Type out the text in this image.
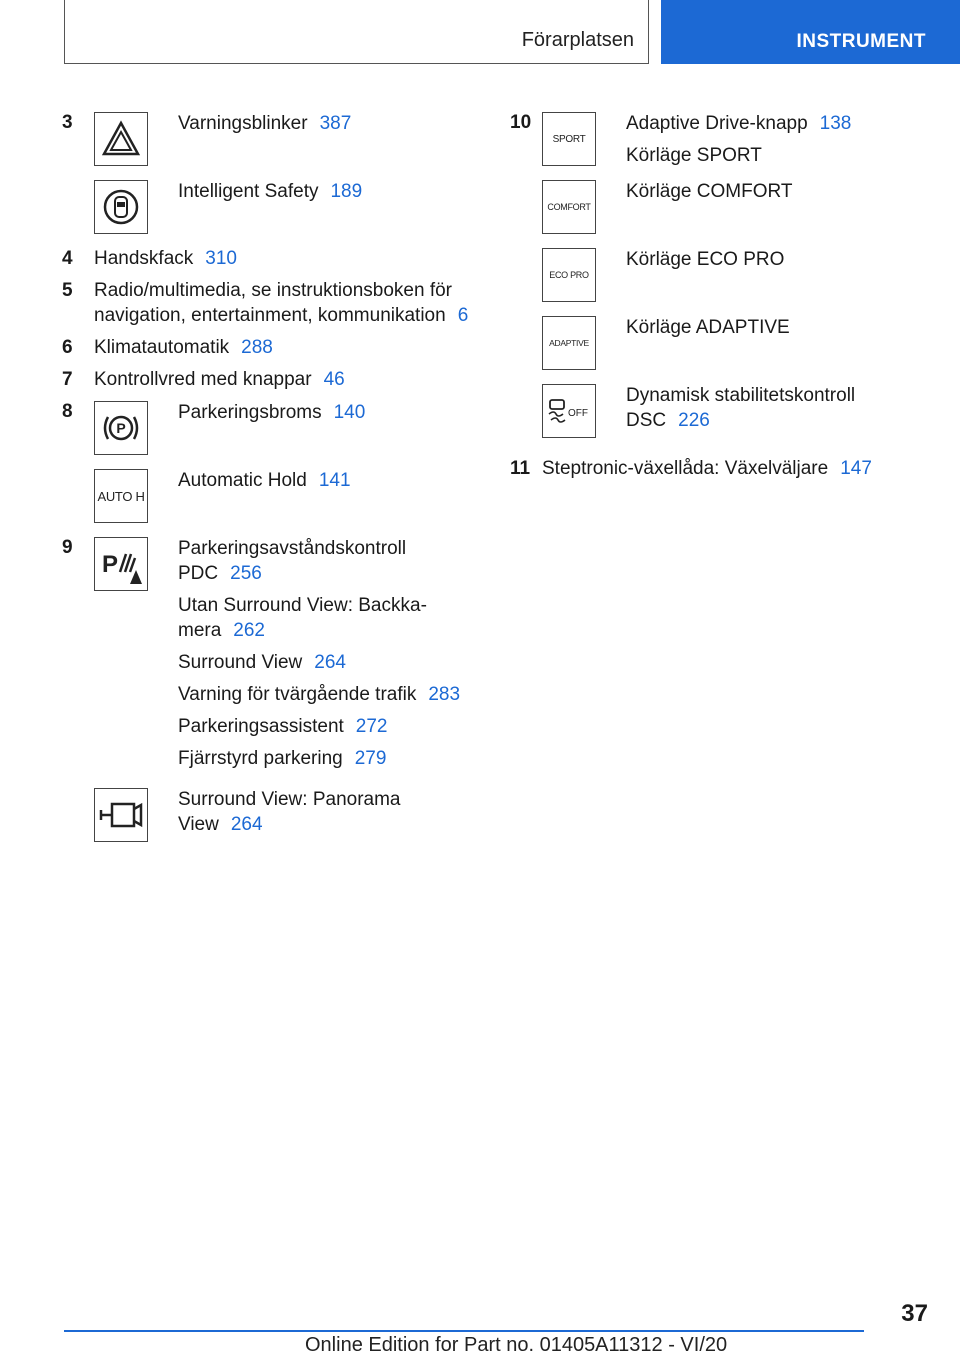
Förarplatsen	INSTRUMENT
3	Varningsblinker 387
Intelligent Safety 189
4 Handskfack 310
5 Radio/multimedia, se instruktionsboken för navigation, entertainment, kommunikation 6
6 Klimatautomatik 288
7 Kontrollvred med knappar 46
8
P
Parkeringsbroms 140
AUTO H
Automatic Hold 141
9
P

Parkeringsavståndskontroll PDC 256

Utan Surround View: Backkamera 262

Surround View 264

Varning för tvärgående trafik 283

Parkeringsassistent 272

Fjärrstyrd parkering 279

Surround View: Panorama View 264
10
SPORT

Adaptive Drive-knapp 138

Körläge SPORT

COMFORT
Körläge COMFORT
ECO PRO
Körläge ECO PRO
ADAPTIVE
Körläge ADAPTIVE
OFF
Dynamisk stabilitetskontroll DSC 226
11 Steptronic-växellåda: Växelväljare 147
37
Online Edition for Part no. 01405A11312 - VI/20
